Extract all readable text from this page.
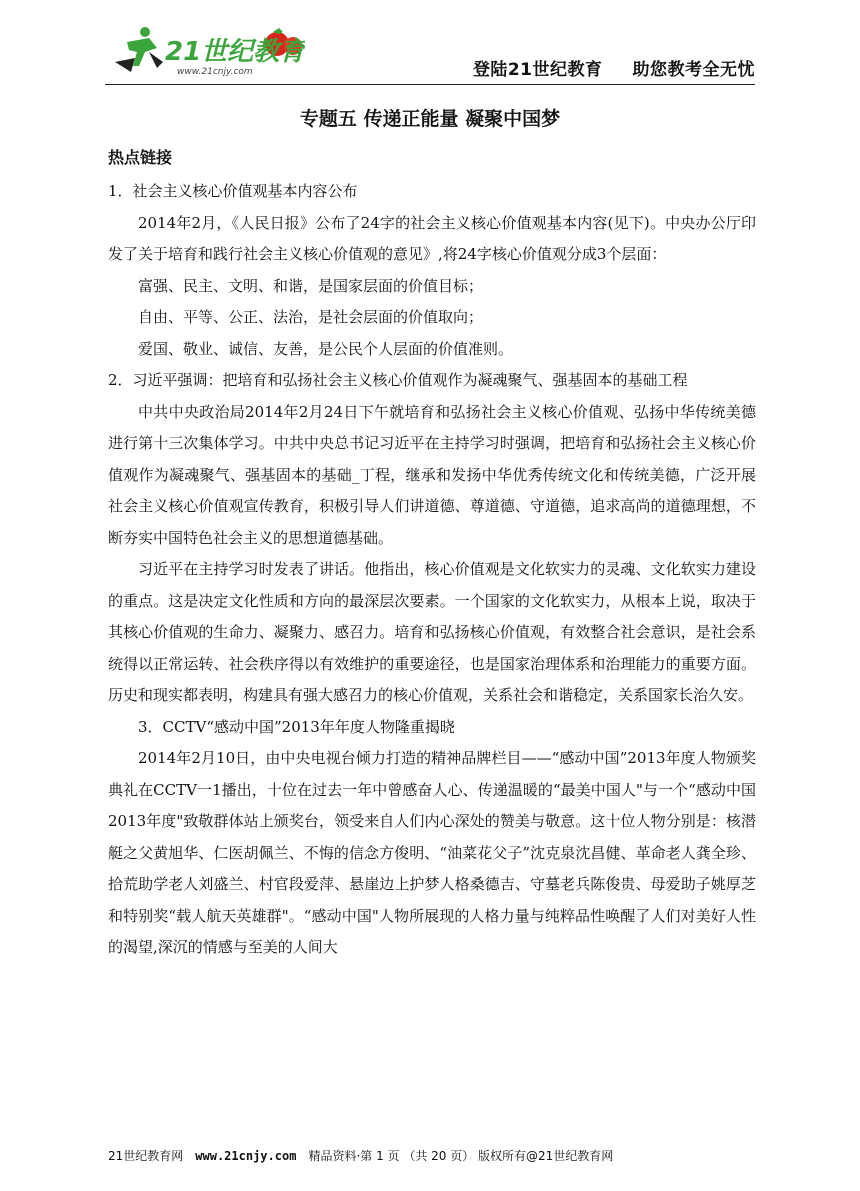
21世纪教育
www.21cnjy.com	登陆21世纪教育 助您教考全无忧
专题五 传递正能量 凝聚中国梦

热点链接

1．社会主义核心价值观基本内容公布

2014年2月，《人民日报》公布了24字的社会主义核心价值观基本内容(见下)。中央办公厅印发了关于培育和践行社会主义核心价值观的意见》,将24字核心价值观分成3个层面：

富强、民主、文明、和谐，是国家层面的价值目标；

自由、平等、公正、法治，是社会层面的价值取向；

爱国、敬业、诚信、友善，是公民个人层面的价值准则。

2．习近平强调：把培育和弘扬社会主义核心价值观作为凝魂聚气、强基固本的基础工程

中共中央政治局2014年2月24日下午就培育和弘扬社会主义核心价值观、弘扬中华传统美德进行第十三次集体学习。中共中央总书记习近平在主持学习时强调，把培育和弘扬社会主义核心价值观作为凝魂聚气、强基固本的基础_丁程，继承和发扬中华优秀传统文化和传统美德，广泛开展社会主义核心价值观宣传教育，积极引导人们讲道德、尊道德、守道德，追求高尚的道德理想，不断夯实中国特色社会主义的思想道德基础。

习近平在主持学习时发表了讲话。他指出，核心价值观是文化软实力的灵魂、文化软实力建设的重点。这是决定文化性质和方向的最深层次要素。一个国家的文化软实力，从根本上说，取决于其核心价值观的生命力、凝聚力、感召力。培育和弘扬核心价值观，有效整合社会意识，是社会系统得以正常运转、社会秩序得以有效维护的重要途径，也是国家治理体系和治理能力的重要方面。历史和现实都表明，构建具有强大感召力的核心价值观，关系社会和谐稳定，关系国家长治久安。

3．CCTV“感动中国”2013年年度人物隆重揭晓

2014年2月10日，由中央电视台倾力打造的精神品牌栏目——“感动中国”2013年度人物颁奖典礼在CCTV一1播出，十位在过去一年中曾感奋人心、传递温暖的“最美中国人"与一个“感动中国2013年度"致敬群体站上颁奖台，领受来自人们内心深处的赞美与敬意。这十位人物分别是：核潜艇之父黄旭华、仁医胡佩兰、不悔的信念方俊明、“油菜花父子”沈克泉沈昌健、革命老人龚全珍、拾荒助学老人刘盛兰、村官段爱萍、悬崖边上护梦人格桑德吉、守墓老兵陈俊贵、母爱助子姚厚芝和特别奖“载人航天英雄群"。“感动中国"人物所展现的人格力量与纯粹品性唤醒了人们对美好人性的渴望,深沉的情感与至美的人间大

21世纪教育网 www.21cnjy.com 精品资料·第 1 页 （共 20 页） 版权所有@21世纪教育网
